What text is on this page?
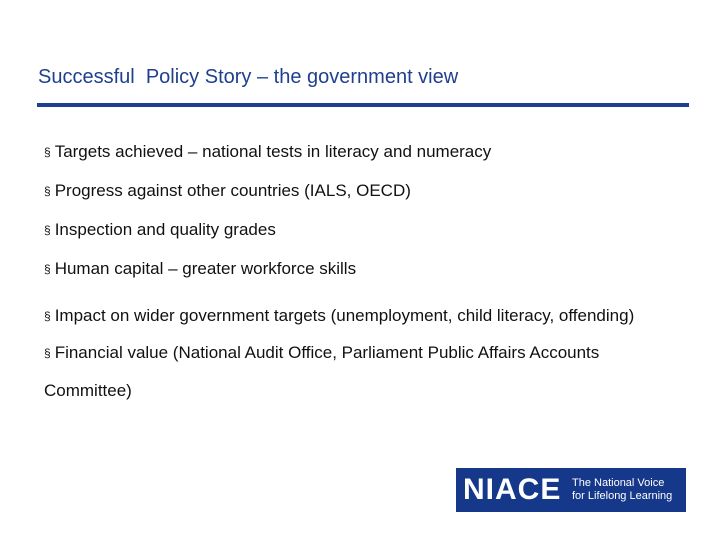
Successful  Policy Story – the government view
§ Targets achieved – national tests in literacy and numeracy
§ Progress against other countries (IALS, OECD)
§ Inspection and quality grades
§ Human capital – greater workforce skills
§ Impact on wider government targets (unemployment, child literacy, offending)
§ Financial value (National Audit Office, Parliament Public Affairs Accounts Committee)
NIACE The National Voice
for Lifelong Learning
